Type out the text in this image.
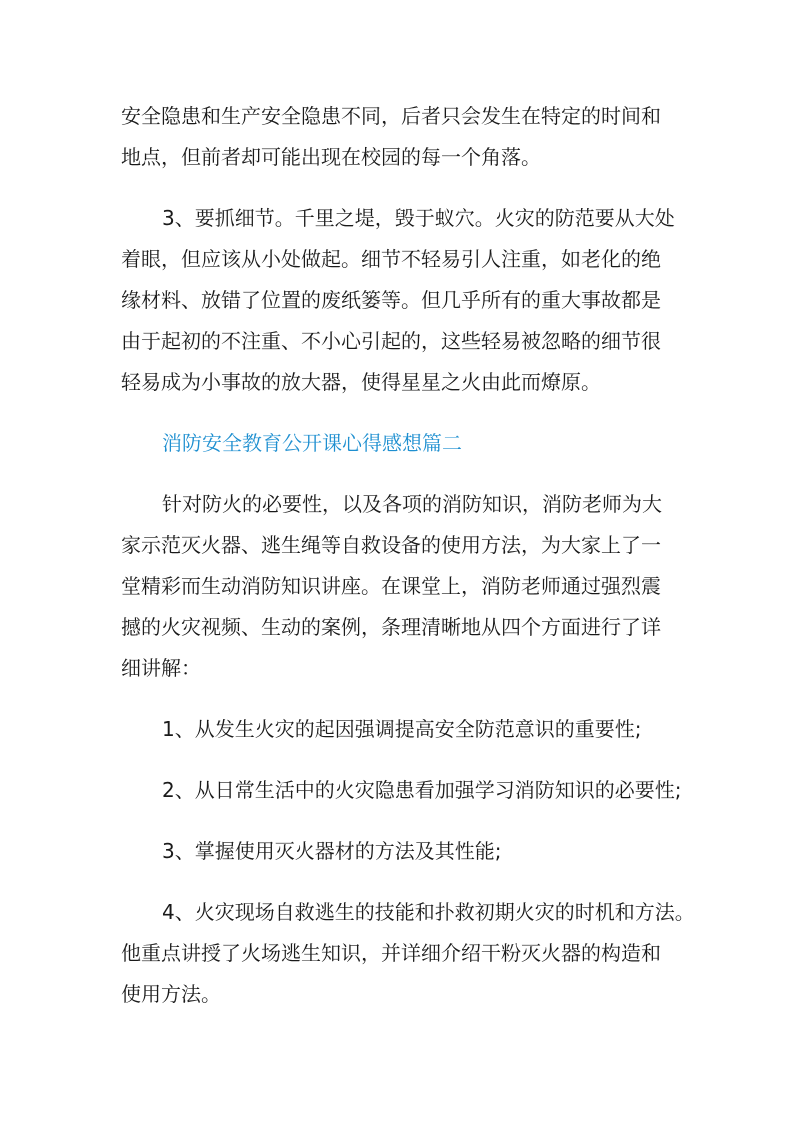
安全隐患和生产安全隐患不同，后者只会发生在特定的时间和
地点，但前者却可能出现在校园的每一个角落。
3、要抓细节。千里之堤，毁于蚁穴。火灾的防范要从大处
着眼，但应该从小处做起。细节不轻易引人注重，如老化的绝
缘材料、放错了位置的废纸篓等。但几乎所有的重大事故都是
由于起初的不注重、不小心引起的，这些轻易被忽略的细节很
轻易成为小事故的放大器，使得星星之火由此而燎原。
消防安全教育公开课心得感想篇二
针对防火的必要性，以及各项的消防知识，消防老师为大
家示范灭火器、逃生绳等自救设备的使用方法，为大家上了一
堂精彩而生动消防知识讲座。在课堂上，消防老师通过强烈震
撼的火灾视频、生动的案例，条理清晰地从四个方面进行了详
细讲解：
1、从发生火灾的起因强调提高安全防范意识的重要性;
2、从日常生活中的火灾隐患看加强学习消防知识的必要性;
3、掌握使用灭火器材的方法及其性能;
4、火灾现场自救逃生的技能和扑救初期火灾的时机和方法。
他重点讲授了火场逃生知识，并详细介绍干粉灭火器的构造和
使用方法。
